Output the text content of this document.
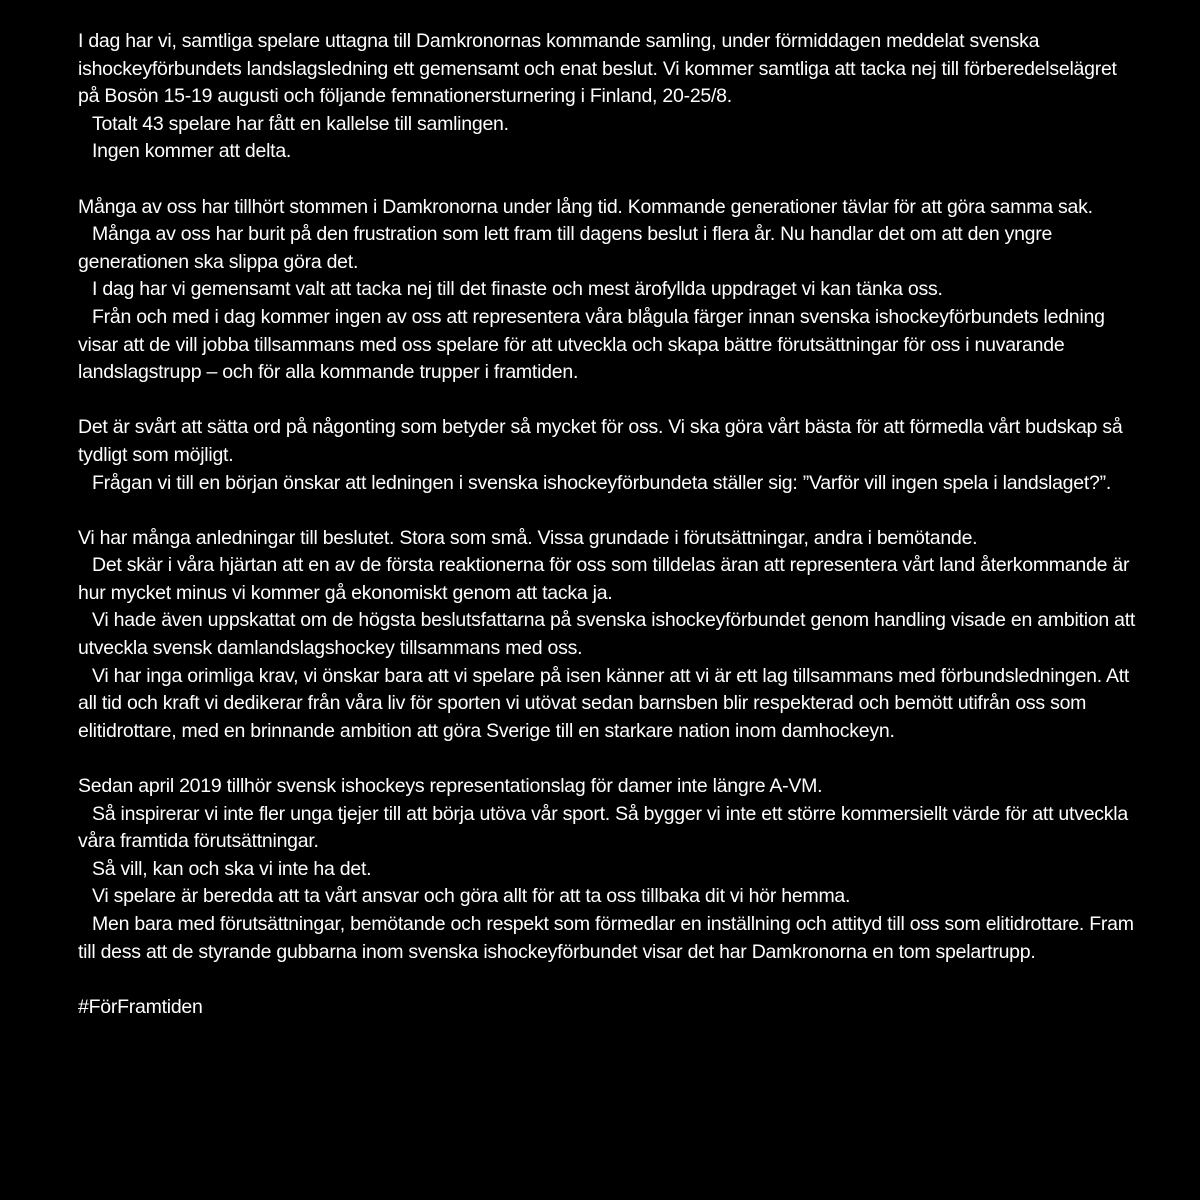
I dag har vi, samtliga spelare uttagna till Damkronornas kommande samling, under förmiddagen meddelat svenska ishockeyförbundets landslagsledning ett gemensamt och enat beslut. Vi kommer samtliga att tacka nej till förberedelselägret på Bosön 15-19 augusti och följande femnationersturnering i Finland, 20-25/8.

Totalt 43 spelare har fått en kallelse till samlingen.

Ingen kommer att delta.

Många av oss har tillhört stommen i Damkronorna under lång tid. Kommande generationer tävlar för att göra samma sak.

Många av oss har burit på den frustration som lett fram till dagens beslut i flera år. Nu handlar det om att den yngre generationen ska slippa göra det.

I dag har vi gemensamt valt att tacka nej till det finaste och mest ärofyllda uppdraget vi kan tänka oss.

Från och med i dag kommer ingen av oss att representera våra blågula färger innan svenska ishockeyförbundets ledning visar att de vill jobba tillsammans med oss spelare för att utveckla och skapa bättre förutsättningar för oss i nuvarande landslagstrupp – och för alla kommande trupper i framtiden.

Det är svårt att sätta ord på någonting som betyder så mycket för oss. Vi ska göra vårt bästa för att förmedla vårt budskap så tydligt som möjligt.

Frågan vi till en början önskar att ledningen i svenska ishockeyförbundeta ställer sig: ”Varför vill ingen spela i landslaget?”.

Vi har många anledningar till beslutet. Stora som små. Vissa grundade i förutsättningar, andra i bemötande.

Det skär i våra hjärtan att en av de första reaktionerna för oss som tilldelas äran att representera vårt land återkommande är hur mycket minus vi kommer gå ekonomiskt genom att tacka ja.

Vi hade även uppskattat om de högsta beslutsfattarna på svenska ishockeyförbundet genom handling visade en ambition att utveckla svensk damlandslagshockey tillsammans med oss.

Vi har inga orimliga krav, vi önskar bara att vi spelare på isen känner att vi är ett lag tillsammans med förbundsledningen. Att all tid och kraft vi dedikerar från våra liv för sporten vi utövat sedan barnsben blir respekterad och bemött utifrån oss som elitidrottare, med en brinnande ambition att göra Sverige till en starkare nation inom damhockeyn.

Sedan april 2019 tillhör svensk ishockeys representationslag för damer inte längre A-VM.

Så inspirerar vi inte fler unga tjejer till att börja utöva vår sport. Så bygger vi inte ett större kommersiellt värde för att utveckla våra framtida förutsättningar.

Så vill, kan och ska vi inte ha det.

Vi spelare är beredda att ta vårt ansvar och göra allt för att ta oss tillbaka dit vi hör hemma.

Men bara med förutsättningar, bemötande och respekt som förmedlar en inställning och attityd till oss som elitidrottare. Fram till dess att de styrande gubbarna inom svenska ishockeyförbundet visar det har Damkronorna en tom spelartrupp.

#FörFramtiden
